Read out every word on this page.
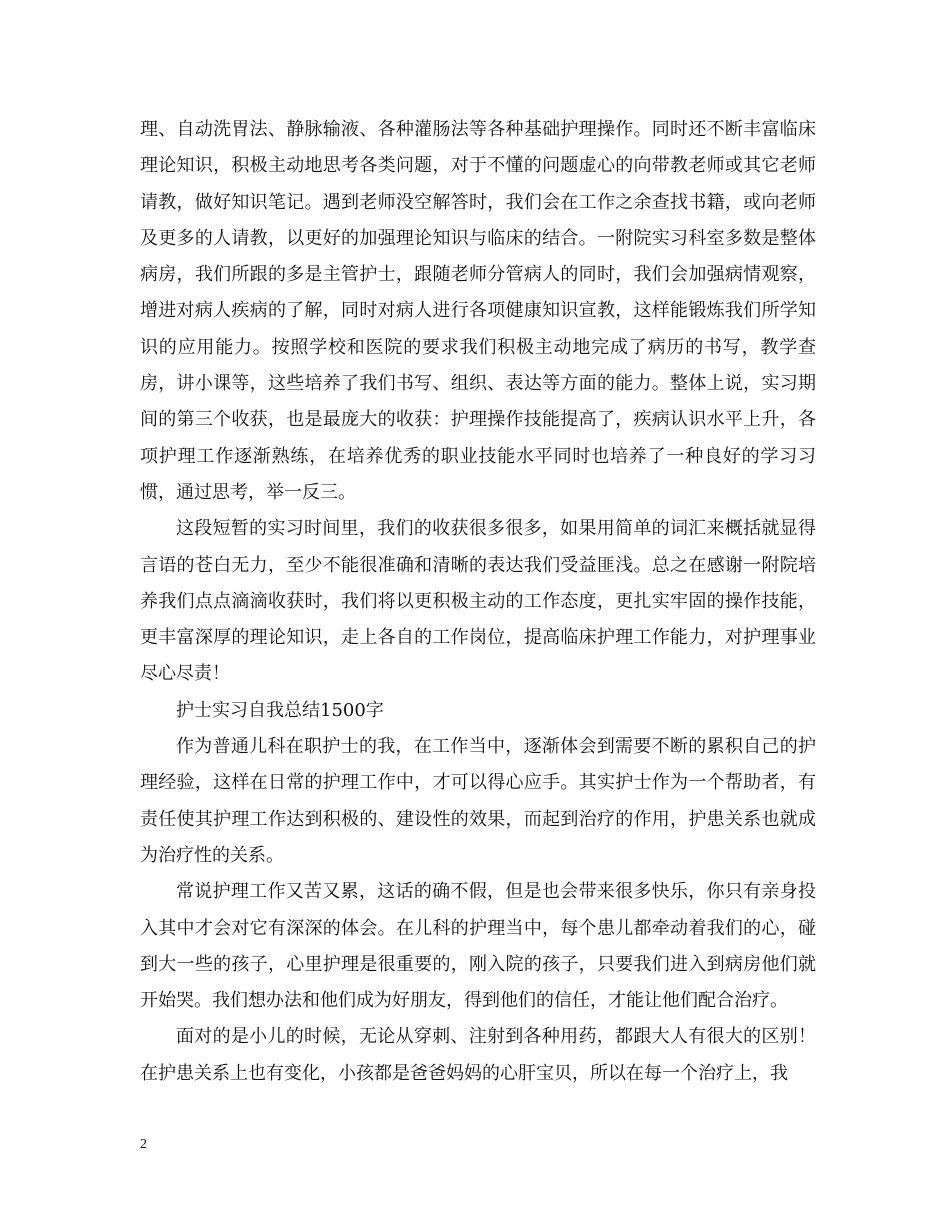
理、自动洗胃法、静脉输液、各种灌肠法等各种基础护理操作。同时还不断丰富临床理论知识，积极主动地思考各类问题，对于不懂的问题虚心的向带教老师或其它老师请教，做好知识笔记。遇到老师没空解答时，我们会在工作之余查找书籍，或向老师及更多的人请教，以更好的加强理论知识与临床的结合。一附院实习科室多数是整体病房，我们所跟的多是主管护士，跟随老师分管病人的同时，我们会加强病情观察，增进对病人疾病的了解，同时对病人进行各项健康知识宣教，这样能锻炼我们所学知识的应用能力。按照学校和医院的要求我们积极主动地完成了病历的书写，教学查房，讲小课等，这些培养了我们书写、组织、表达等方面的能力。整体上说，实习期间的第三个收获，也是最庞大的收获：护理操作技能提高了，疾病认识水平上升，各项护理工作逐渐熟练，在培养优秀的职业技能水平同时也培养了一种良好的学习习惯，通过思考，举一反三。

这段短暂的实习时间里，我们的收获很多很多，如果用简单的词汇来概括就显得言语的苍白无力，至少不能很准确和清晰的表达我们受益匪浅。总之在感谢一附院培养我们点点滴滴收获时，我们将以更积极主动的工作态度，更扎实牢固的操作技能，更丰富深厚的理论知识，走上各自的工作岗位，提高临床护理工作能力，对护理事业尽心尽责！

护士实习自我总结1500字

作为普通儿科在职护士的我，在工作当中，逐渐体会到需要不断的累积自己的护理经验，这样在日常的护理工作中，才可以得心应手。其实护士作为一个帮助者，有责任使其护理工作达到积极的、建设性的效果，而起到治疗的作用，护患关系也就成为治疗性的关系。

常说护理工作又苦又累，这话的确不假，但是也会带来很多快乐，你只有亲身投入其中才会对它有深深的体会。在儿科的护理当中，每个患儿都牵动着我们的心，碰到大一些的孩子，心里护理是很重要的，刚入院的孩子，只要我们进入到病房他们就开始哭。我们想办法和他们成为好朋友，得到他们的信任，才能让他们配合治疗。

面对的是小儿的时候，无论从穿刺、注射到各种用药，都跟大人有很大的区别！在护患关系上也有变化，小孩都是爸爸妈妈的心肝宝贝，所以在每一个治疗上，我

2
